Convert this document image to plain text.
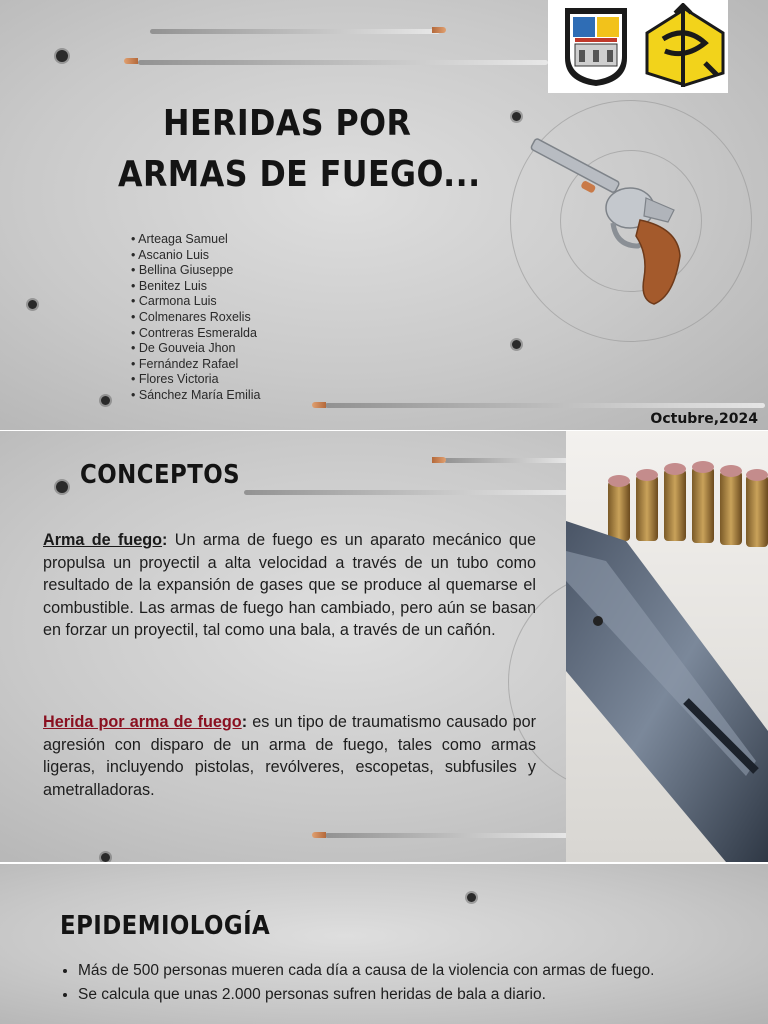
HERIDAS POR
ARMAS DE FUEGO...
• Arteaga Samuel
• Ascanio Luis
• Bellina Giuseppe
• Benitez Luis
• Carmona Luis
• Colmenares Roxelis
• Contreras Esmeralda
• De Gouveia Jhon
• Fernández Rafael
• Flores Victoria
• Sánchez María Emilia
Octubre,2024
CONCEPTOS

Arma de fuego: Un arma de fuego es un aparato mecánico que propulsa un proyectil a alta velocidad a través de un tubo como resultado de la expansión de gases que se produce al quemarse el combustible. Las armas de fuego han cambiado, pero aún se basan en forzar un proyectil, tal como una bala, a través de un cañón.

Herida por arma de fuego: es un tipo de traumatismo causado por agresión con disparo de un arma de fuego, tales como armas ligeras, incluyendo pistolas, revólveres, escopetas, subfusiles y ametralladoras.

EPIDEMIOLOGÍA
• Más de 500 personas mueren cada día a causa de la violencia con armas de fuego.
• Se calcula que unas 2.000 personas sufren heridas de bala a diario.
